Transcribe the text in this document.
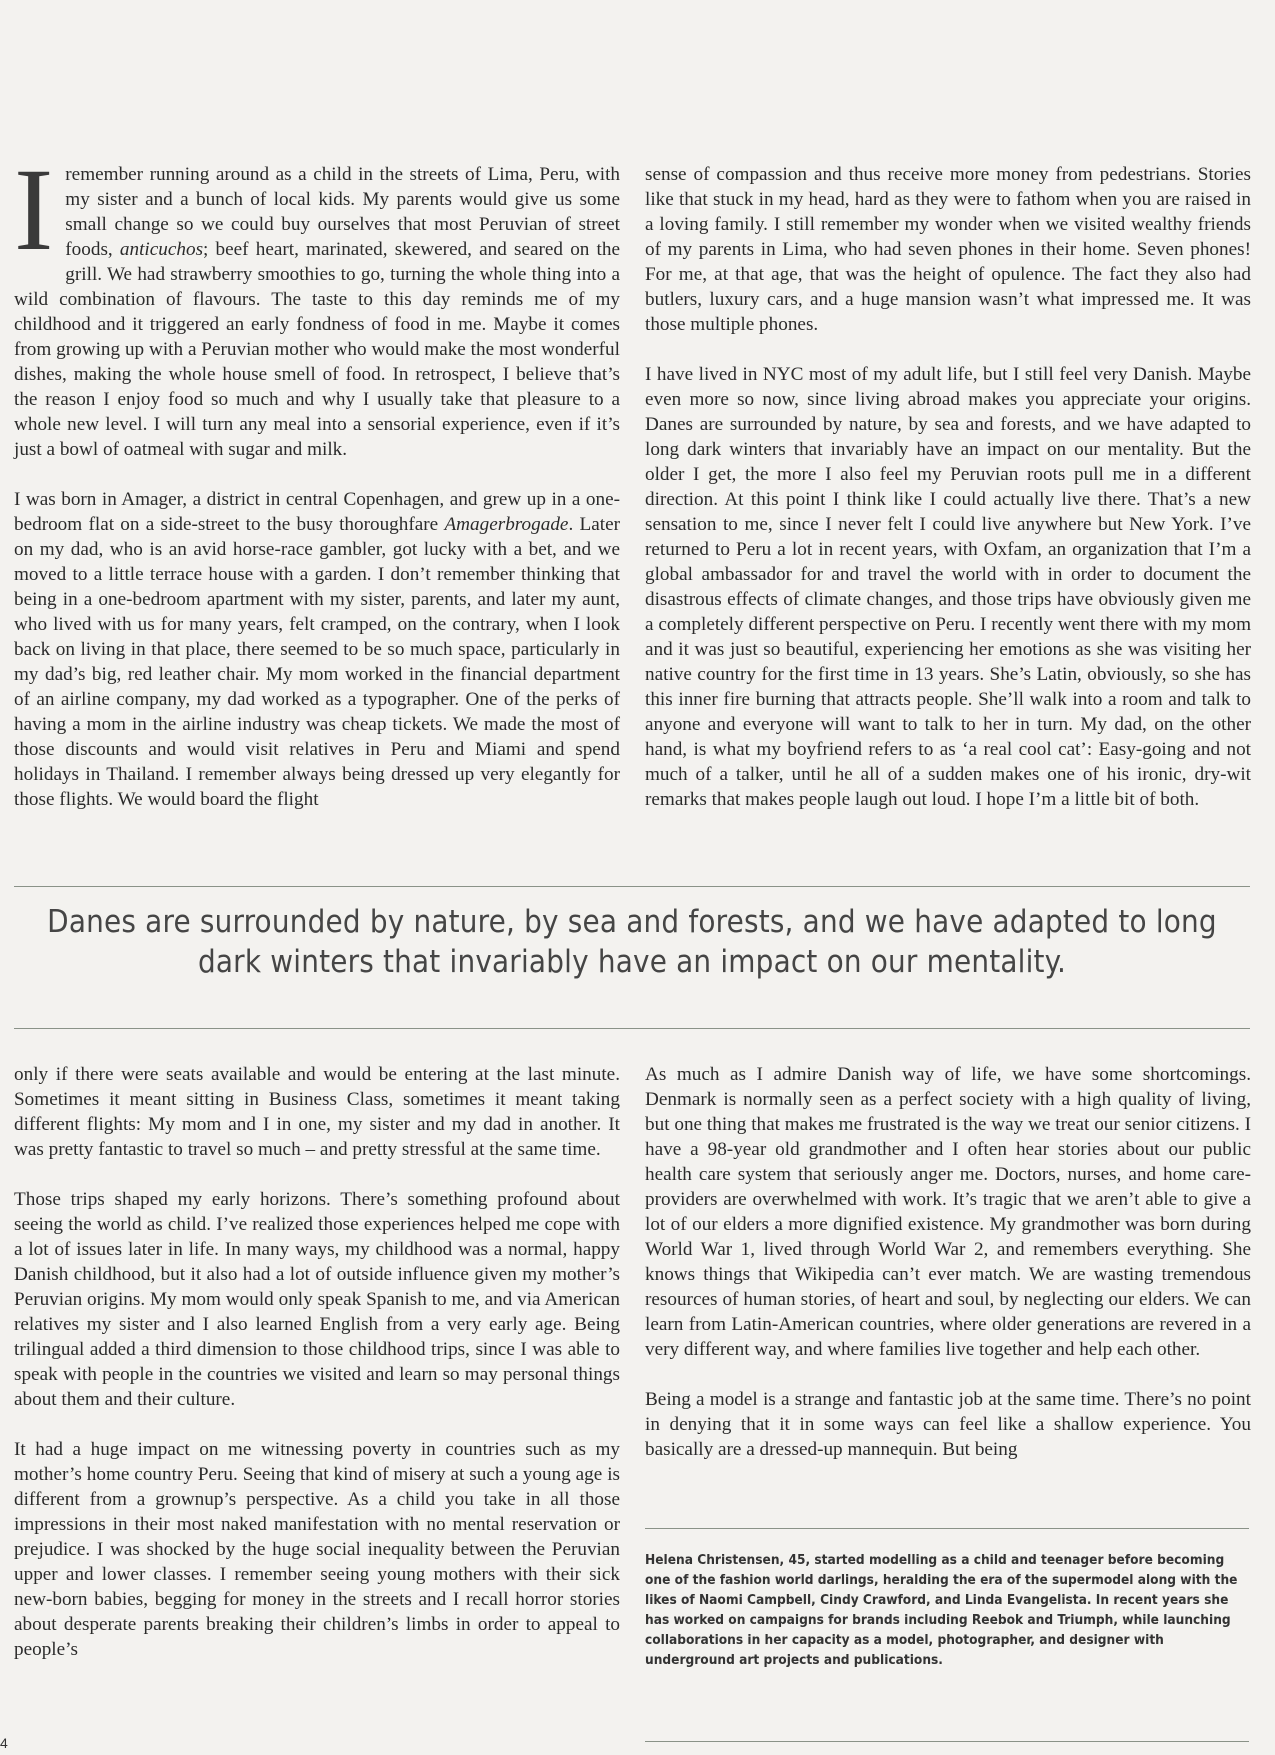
Iremember running around as a child in the streets of Lima, Peru, with my sister and a bunch of local kids. My parents would give us some small change so we could buy ourselves that most Peruvian of street foods, anticuchos; beef heart, marinated, skewered, and seared on the grill. We had strawberry smoothies to go, turning the whole thing into a wild combination of flavours. The taste to this day reminds me of my childhood and it triggered an early fondness of food in me. Maybe it comes from growing up with a Peruvian mother who would make the most wonderful dishes, making the whole house smell of food. In retrospect, I believe that’s the reason I enjoy food so much and why I usually take that pleasure to a whole new level. I will turn any meal into a sensorial experience, even if it’s just a bowl of oatmeal with sugar and milk.

I was born in Amager, a district in central Copenhagen, and grew up in a one-bedroom flat on a side-street to the busy thoroughfare Amagerbrogade. Later on my dad, who is an avid horse-race gambler, got lucky with a bet, and we moved to a little terrace house with a garden. I don’t remember thinking that being in a one-bedroom apartment with my sister, parents, and later my aunt, who lived with us for many years, felt cramped, on the contrary, when I look back on living in that place, there seemed to be so much space, particularly in my dad’s big, red leather chair. My mom worked in the financial department of an airline company, my dad worked as a typographer. One of the perks of having a mom in the airline industry was cheap tickets. We made the most of those discounts and would visit relatives in Peru and Miami and spend holidays in Thailand. I remember always being dressed up very elegantly for those flights. We would board the flight

sense of compassion and thus receive more money from pedestrians. Stories like that stuck in my head, hard as they were to fathom when you are raised in a loving family. I still remember my wonder when we visited wealthy friends of my parents in Lima, who had seven phones in their home. Seven phones! For me, at that age, that was the height of opulence. The fact they also had butlers, luxury cars, and a huge mansion wasn’t what impressed me. It was those multiple phones.

I have lived in NYC most of my adult life, but I still feel very Danish. Maybe even more so now, since living abroad makes you appreciate your origins. Danes are surrounded by nature, by sea and forests, and we have adapted to long dark winters that invariably have an impact on our mentality. But the older I get, the more I also feel my Peruvian roots pull me in a different direction. At this point I think like I could actually live there. That’s a new sensation to me, since I never felt I could live anywhere but New York. I’ve returned to Peru a lot in recent years, with Oxfam, an organization that I’m a global ambassador for and travel the world with in order to document the disastrous effects of climate changes, and those trips have obviously given me a completely different perspective on Peru. I recently went there with my mom and it was just so beautiful, experiencing her emotions as she was visiting her native country for the first time in 13 years. She’s Latin, obviously, so she has this inner fire burning that attracts people. She’ll walk into a room and talk to anyone and everyone will want to talk to her in turn. My dad, on the other hand, is what my boyfriend refers to as ‘a real cool cat’: Easy-going and not much of a talker, until he all of a sudden makes one of his ironic, dry-wit remarks that makes people laugh out loud. I hope I’m a little bit of both.

Danes are surrounded by nature, by sea and forests, and we have adapted to long dark winters that invariably have an impact on our mentality.

only if there were seats available and would be entering at the last minute. Sometimes it meant sitting in Business Class, sometimes it meant taking different flights: My mom and I in one, my sister and my dad in another. It was pretty fantastic to travel so much – and pretty stressful at the same time.

Those trips shaped my early horizons. There’s something profound about seeing the world as child. I’ve realized those experiences helped me cope with a lot of issues later in life. In many ways, my childhood was a normal, happy Danish childhood, but it also had a lot of outside influence given my mother’s Peruvian origins. My mom would only speak Spanish to me, and via American relatives my sister and I also learned English from a very early age. Being trilingual added a third dimension to those childhood trips, since I was able to speak with people in the countries we visited and learn so may personal things about them and their culture.

It had a huge impact on me witnessing poverty in countries such as my mother’s home country Peru. Seeing that kind of misery at such a young age is different from a grownup’s perspective. As a child you take in all those impressions in their most naked manifestation with no mental reservation or prejudice. I was shocked by the huge social inequality between the Peruvian upper and lower classes. I remember seeing young mothers with their sick new-born babies, begging for money in the streets and I recall horror stories about desperate parents breaking their children’s limbs in order to appeal to people’s

As much as I admire Danish way of life, we have some shortcomings. Denmark is normally seen as a perfect society with a high quality of living, but one thing that makes me frustrated is the way we treat our senior citizens. I have a 98-year old grandmother and I often hear stories about our public health care system that seriously anger me. Doctors, nurses, and home care-providers are overwhelmed with work. It’s tragic that we aren’t able to give a lot of our elders a more dignified existence. My grandmother was born during World War 1, lived through World War 2, and remembers everything. She knows things that Wikipedia can’t ever match. We are wasting tremendous resources of human stories, of heart and soul, by neglecting our elders. We can learn from Latin-American countries, where older generations are revered in a very different way, and where families live together and help each other.

Being a model is a strange and fantastic job at the same time. There’s no point in denying that it in some ways can feel like a shallow experience. You basically are a dressed-up mannequin. But being

Helena Christensen, 45, started modelling as a child and teenager before becoming one of the fashion world darlings, heralding the era of the supermodel along with the likes of Naomi Campbell, Cindy Crawford, and Linda Evangelista. In recent years she has worked on campaigns for brands including Reebok and Triumph, while launching collaborations in her capacity as a model, photographer, and designer with underground art projects and publications.
4
